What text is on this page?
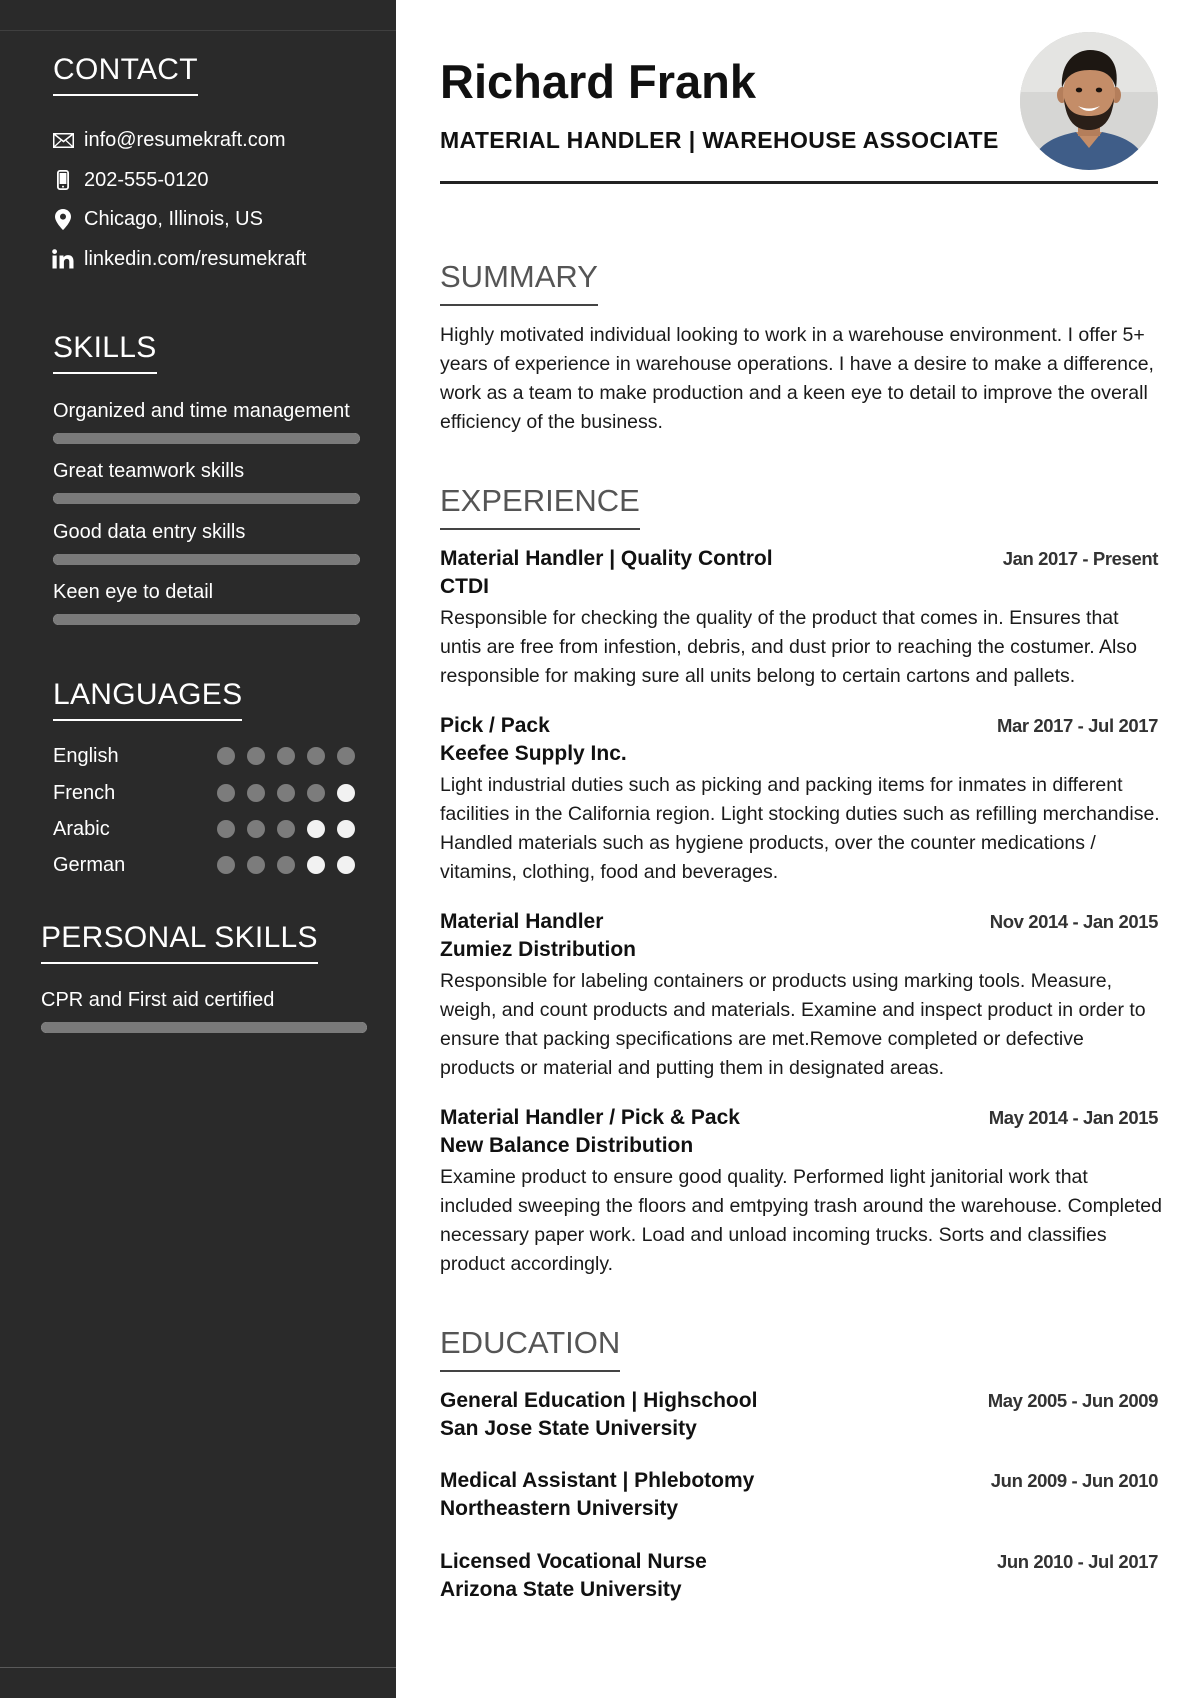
CONTACT
info@resumekraft.com
202-555-0120
Chicago, Illinois, US
linkedin.com/resumekraft
SKILLS
Organized and time management
Great teamwork skills
Good data entry skills
Keen eye to detail
LANGUAGES
English
French
Arabic
German
PERSONAL SKILLS
CPR and First aid certified
Richard Frank
MATERIAL HANDLER | WAREHOUSE ASSOCIATE
SUMMARY

Highly motivated individual looking to work in a warehouse environment. I offer 5+ years of experience in warehouse operations. I have a desire to make a difference, work as a team to make production and a keen eye to detail to improve the overall efficiency of the business.

EXPERIENCE
Material Handler | Quality Control	Jan 2017 - Present
CTDI

Responsible for checking the quality of the product that comes in. Ensures that untis are free from infestion, debris, and dust prior to reaching the costumer. Also responsible for making sure all units belong to certain cartons and pallets.

Pick / Pack	Mar 2017 - Jul 2017
Keefee Supply Inc.

Light industrial duties such as picking and packing items for inmates in different facilities in the California region. Light stocking duties such as refilling merchandise. Handled materials such as hygiene products, over the counter medications / vitamins, clothing, food and beverages.

Material Handler	Nov 2014 - Jan 2015
Zumiez Distribution

Responsible for labeling containers or products using marking tools. Measure, weigh, and count products and materials. Examine and inspect product in order to ensure that packing specifications are met.Remove completed or defective products or material and putting them in designated areas.

Material Handler / Pick & Pack	May 2014 - Jan 2015
New Balance Distribution

Examine product to ensure good quality. Performed light janitorial work that included sweeping the floors and emtpying trash around the warehouse. Completed necessary paper work. Load and unload incoming trucks. Sorts and classifies product accordingly.

EDUCATION
General Education | Highschool	May 2005 - Jun 2009
San Jose State University
Medical Assistant | Phlebotomy	Jun 2009 - Jun 2010
Northeastern University
Licensed Vocational Nurse	Jun 2010 - Jul 2017
Arizona State University
